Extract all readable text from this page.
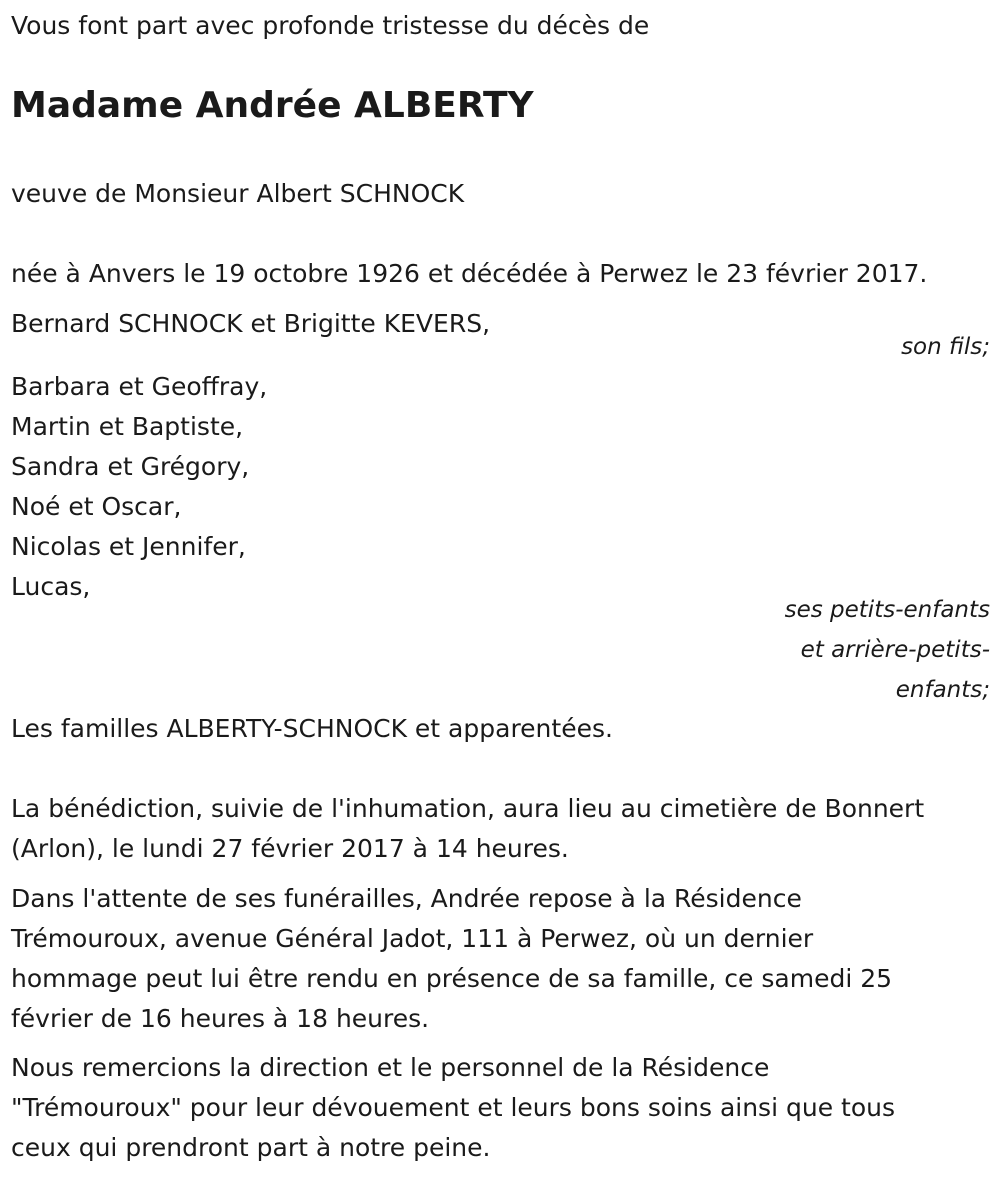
Vous font part avec profonde tristesse du décès de
Madame Andrée ALBERTY
veuve de Monsieur Albert SCHNOCK
née à Anvers le 19 octobre 1926 et décédée à Perwez le 23 février 2017.
Bernard SCHNOCK et Brigitte KEVERS,
son fils;
Barbara et Geoffray,
Martin et Baptiste,
Sandra et Grégory,
Noé et Oscar,
Nicolas et Jennifer,
Lucas,
ses petits-enfants
et arrière-petits-
enfants;
Les familles ALBERTY-SCHNOCK et apparentées.
La bénédiction, suivie de l'inhumation, aura lieu au cimetière de Bonnert
(Arlon), le lundi 27 février 2017 à 14 heures.
Dans l'attente de ses funérailles, Andrée repose à la Résidence
Trémouroux, avenue Général Jadot, 111 à Perwez, où un dernier
hommage peut lui être rendu en présence de sa famille, ce samedi 25
février de 16 heures à 18 heures.
Nous remercions la direction et le personnel de la Résidence
"Trémouroux" pour leur dévouement et leurs bons soins ainsi que tous
ceux qui prendront part à notre peine.
